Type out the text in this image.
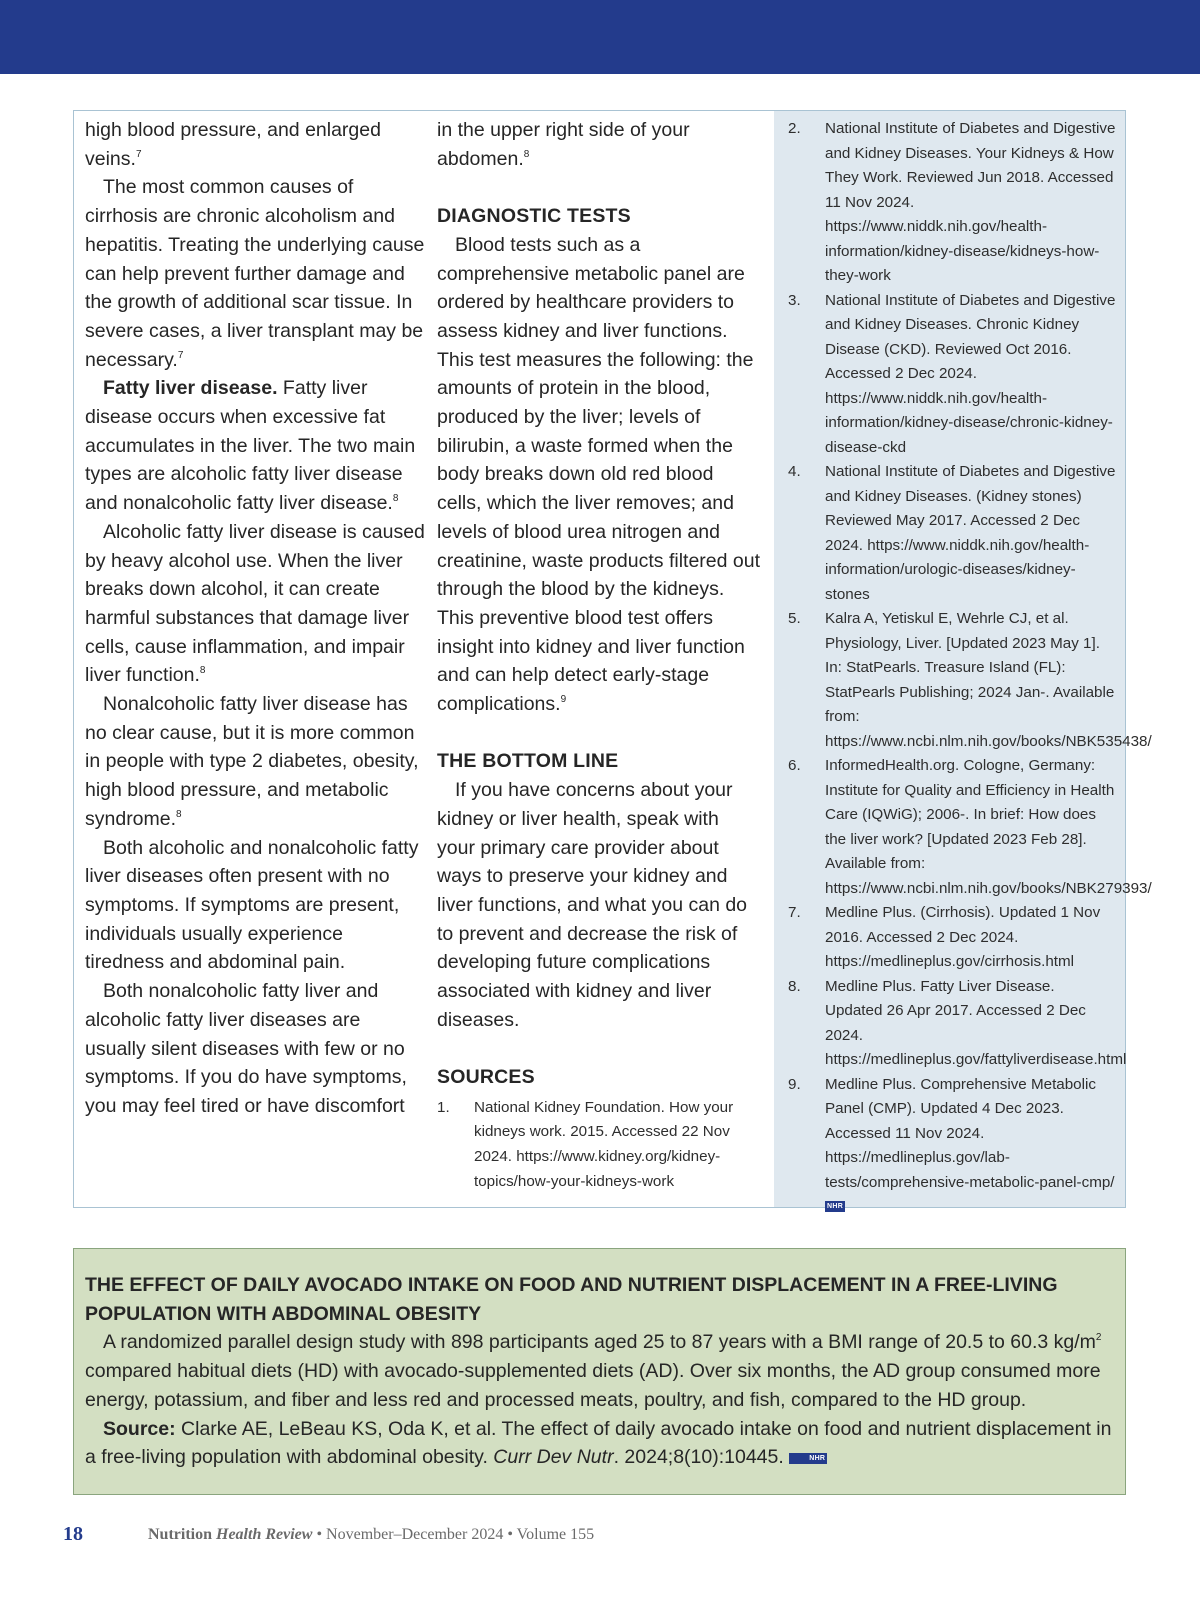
high blood pressure, and enlarged veins.$^7$

The most common causes of cirrhosis are chronic alcoholism and hepatitis. Treating the underlying cause can help prevent further damage and the growth of additional scar tissue. In severe cases, a liver transplant may be necessary.$^7$

Fatty liver disease. Fatty liver disease occurs when excessive fat accumulates in the liver. The two main types are alcoholic fatty liver disease and nonalcoholic fatty liver disease.$^8$

Alcoholic fatty liver disease is caused by heavy alcohol use. When the liver breaks down alcohol, it can create harmful substances that damage liver cells, cause inflammation, and impair liver function.$^8$

Nonalcoholic fatty liver disease has no clear cause, but it is more common in people with type 2 diabetes, obesity, high blood pressure, and metabolic syndrome.$^8$

Both alcoholic and nonalcoholic fatty liver diseases often present with no symptoms. If symptoms are present, individuals usually experience tiredness and abdominal pain.

Both nonalcoholic fatty liver and alcoholic fatty liver diseases are usually silent diseases with few or no symptoms. If you do have symptoms, you may feel tired or have discomfort

in the upper right side of your abdomen.$^8$

DIAGNOSTIC TESTS

Blood tests such as a comprehensive metabolic panel are ordered by healthcare providers to assess kidney and liver functions. This test measures the following: the amounts of protein in the blood, produced by the liver; levels of bilirubin, a waste formed when the body breaks down old red blood cells, which the liver removes; and levels of blood urea nitrogen and creatinine, waste products filtered out through the blood by the kidneys. This preventive blood test offers insight into kidney and liver function and can help detect early-stage complications.$^9$

THE BOTTOM LINE

If you have concerns about your kidney or liver health, speak with your primary care provider about ways to preserve your kidney and liver functions, and what you can do to prevent and decrease the risk of developing future complications associated with kidney and liver diseases.

SOURCES

1. National Kidney Foundation. How your kidneys work. 2015. Accessed 22 Nov 2024. https://www.kidney.org/kidney-topics/how-your-kidneys-work
2. National Institute of Diabetes and Digestive and Kidney Diseases. Your Kidneys & How They Work. Reviewed Jun 2018. Accessed 11 Nov 2024. https://www.niddk.nih.gov/health-information/kidney-disease/kidneys-how-they-work
3. National Institute of Diabetes and Digestive and Kidney Diseases. Chronic Kidney Disease (CKD). Reviewed Oct 2016. Accessed 2 Dec 2024. https://www.niddk.nih.gov/health-information/kidney-disease/chronic-kidney-disease-ckd
4. National Institute of Diabetes and Digestive and Kidney Diseases. (Kidney stones) Reviewed May 2017. Accessed 2 Dec 2024. https://www.niddk.nih.gov/health-information/urologic-diseases/kidney-stones
5. Kalra A, Yetiskul E, Wehrle CJ, et al. Physiology, Liver. [Updated 2023 May 1]. In: StatPearls. Treasure Island (FL): StatPearls Publishing; 2024 Jan-. Available from: https://www.ncbi.nlm.nih.gov/books/NBK535438/
6. InformedHealth.org. Cologne, Germany: Institute for Quality and Efficiency in Health Care (IQWiG); 2006-. In brief: How does the liver work? [Updated 2023 Feb 28]. Available from: https://www.ncbi.nlm.nih.gov/books/NBK279393/
7. Medline Plus. (Cirrhosis). Updated 1 Nov 2016. Accessed 2 Dec 2024. https://medlineplus.gov/cirrhosis.html
8. Medline Plus. Fatty Liver Disease. Updated 26 Apr 2017. Accessed 2 Dec 2024. https://medlineplus.gov/fattyliverdisease.html
9. Medline Plus. Comprehensive Metabolic Panel (CMP). Updated 4 Dec 2023. Accessed 11 Nov 2024. https://medlineplus.gov/lab-tests/comprehensive-metabolic-panel-cmp/
NHR

THE EFFECT OF DAILY AVOCADO INTAKE ON FOOD AND NUTRIENT DISPLACEMENT IN A FREE-LIVING POPULATION WITH ABDOMINAL OBESITY

A randomized parallel design study with 898 participants aged 25 to 87 years with a BMI range of 20.5 to 60.3 $kg/m^2$ compared habitual diets (HD) with avocado-supplemented diets (AD). Over six months, the AD group consumed more energy, potassium, and fiber and less red and processed meats, poultry, and fish, compared to the HD group.

Source: Clarke AE, LeBeau KS, Oda K, et al. The effect of daily avocado intake on food and nutrient displacement in a free-living population with abdominal obesity. Curr Dev Nutr. 2024;8(10):10445.	NHR

18	Nutrition Health Review • November–December 2024 • Volume 155
